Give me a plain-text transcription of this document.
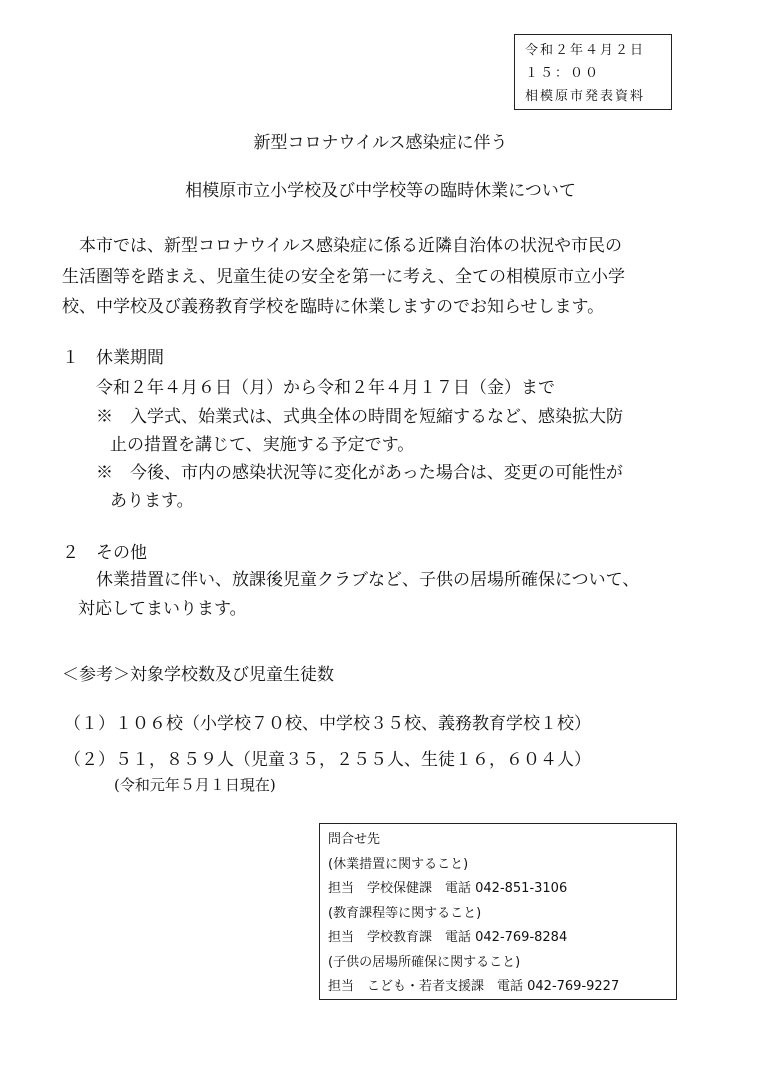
令和２年４月２日
１５：００
相模原市発表資料
新型コロナウイルス感染症に伴う
相模原市立小学校及び中学校等の臨時休業について
　本市では、新型コロナウイルス感染症に係る近隣自治体の状況や市民の
生活圏等を踏まえ、児童生徒の安全を第一に考え、全ての相模原市立小学
校、中学校及び義務教育学校を臨時に休業しますのでお知らせします。
１　休業期間
令和２年４月６日（月）から令和２年４月１７日（金）まで
※　入学式、始業式は、式典全体の時間を短縮するなど、感染拡大防
止の措置を講じて、実施する予定です。
※　今後、市内の感染状況等に変化があった場合は、変更の可能性が
あります。
２　その他
休業措置に伴い、放課後児童クラブなど、子供の居場所確保について、
対応してまいります。
＜参考＞対象学校数及び児童生徒数
（１）１０６校（小学校７０校、中学校３５校、義務教育学校１校）
（２）５１，８５９人（児童３５，２５５人、生徒１６，６０４人）
(令和元年５月１日現在)
問合せ先
(休業措置に関すること)
担当　学校保健課　電話 042-851-3106
(教育課程等に関すること)
担当　学校教育課　電話 042-769-8284
(子供の居場所確保に関すること)
担当　こども・若者支援課　電話 042-769-9227
